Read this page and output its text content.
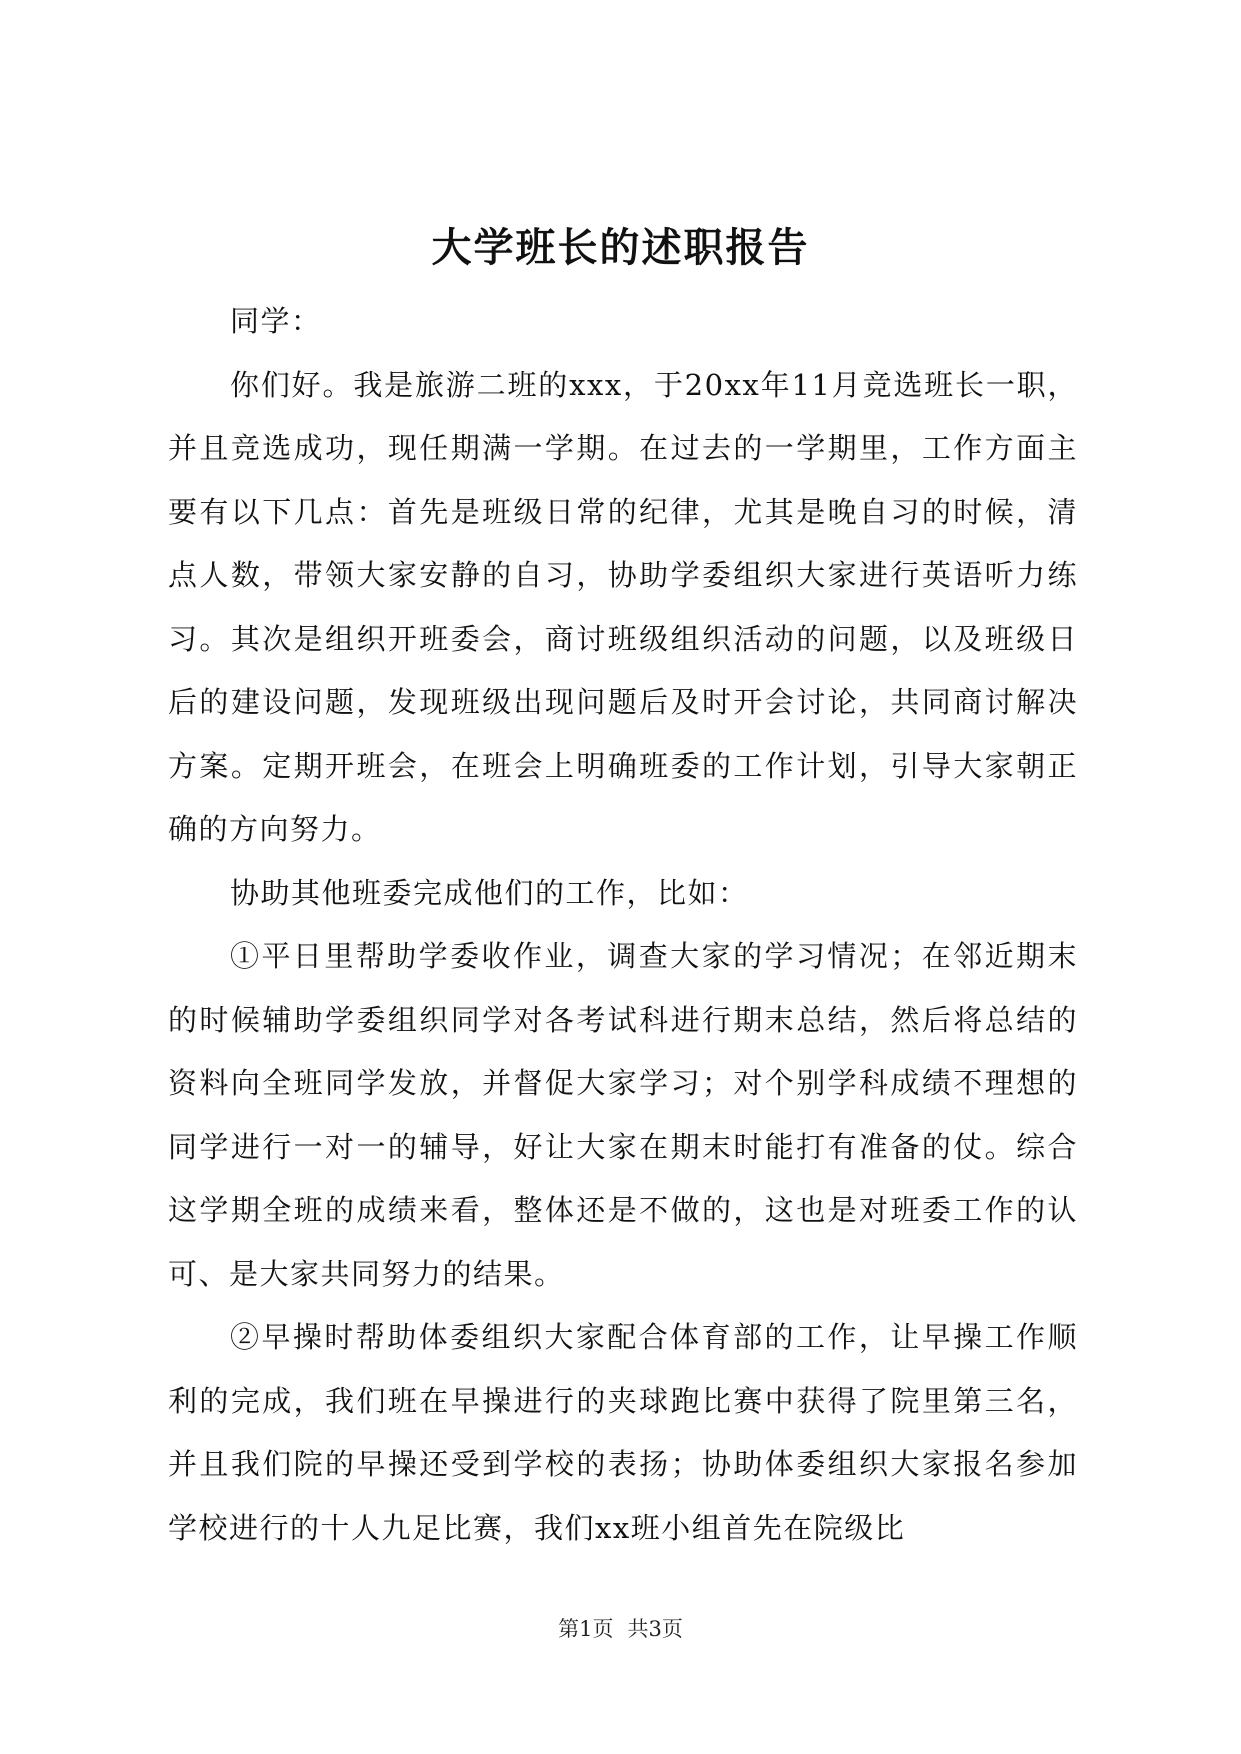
大学班长的述职报告

同学：

你们好。我是旅游二班的xxx，于20xx年11月竞选班长一职，并且竞选成功，现任期满一学期。在过去的一学期里，工作方面主要有以下几点：首先是班级日常的纪律，尤其是晚自习的时候，清点人数，带领大家安静的自习，协助学委组织大家进行英语听力练习。其次是组织开班委会，商讨班级组织活动的问题，以及班级日后的建设问题，发现班级出现问题后及时开会讨论，共同商讨解决方案。定期开班会，在班会上明确班委的工作计划，引导大家朝正确的方向努力。

协助其他班委完成他们的工作，比如：

①平日里帮助学委收作业，调查大家的学习情况；在邻近期末的时候辅助学委组织同学对各考试科进行期末总结，然后将总结的资料向全班同学发放，并督促大家学习；对个别学科成绩不理想的同学进行一对一的辅导，好让大家在期末时能打有准备的仗。综合这学期全班的成绩来看，整体还是不做的，这也是对班委工作的认可、是大家共同努力的结果。

②早操时帮助体委组织大家配合体育部的工作，让早操工作顺利的完成，我们班在早操进行的夹球跑比赛中获得了院里第三名，并且我们院的早操还受到学校的表扬；协助体委组织大家报名参加学校进行的十人九足比赛，我们xx班小组首先在院级比

第1页 共3页
